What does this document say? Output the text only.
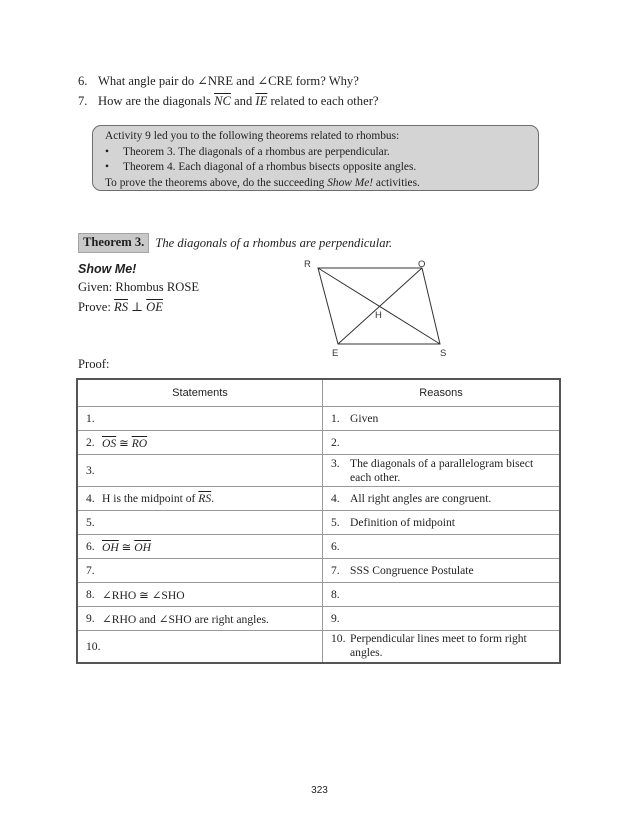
6. What angle pair do ∠NRE and ∠CRE form? Why?
7. How are the diagonals $\overline{NC}$ and $\overline{IE}$ related to each other?
Activity 9 led you to the following theorems related to rhombus:
•	Theorem 3. The diagonals of a rhombus are perpendicular.
•	Theorem 4. Each diagonal of a rhombus bisects opposite angles.
To prove the theorems above, do the succeeding Show Me! activities.
Theorem 3. The diagonals of a rhombus are perpendicular.
Show Me!
Given: Rhombus ROSE
Prove: $\overline{RS}$ ⊥ $\overline{OE}$
R	O
S
E
H
Proof:
Statements	Reasons

1.	1. Given

2. $\overline{OS}$ ≅ $\overline{RO}$	2.

3.	3. The diagonals of a parallelogram bisect each other.

4. H is the midpoint of $\overline{RS}$.	4. All right angles are congruent.

5.	5. Definition of midpoint

6. $\overline{OH}$ ≅ $\overline{OH}$	6.

7.	7. SSS Congruence Postulate

8. ∠RHO ≅ ∠SHO	8.

9. ∠RHO and ∠SHO are right angles.	9.

10.	10. Perpendicular lines meet to form right angles.
323
